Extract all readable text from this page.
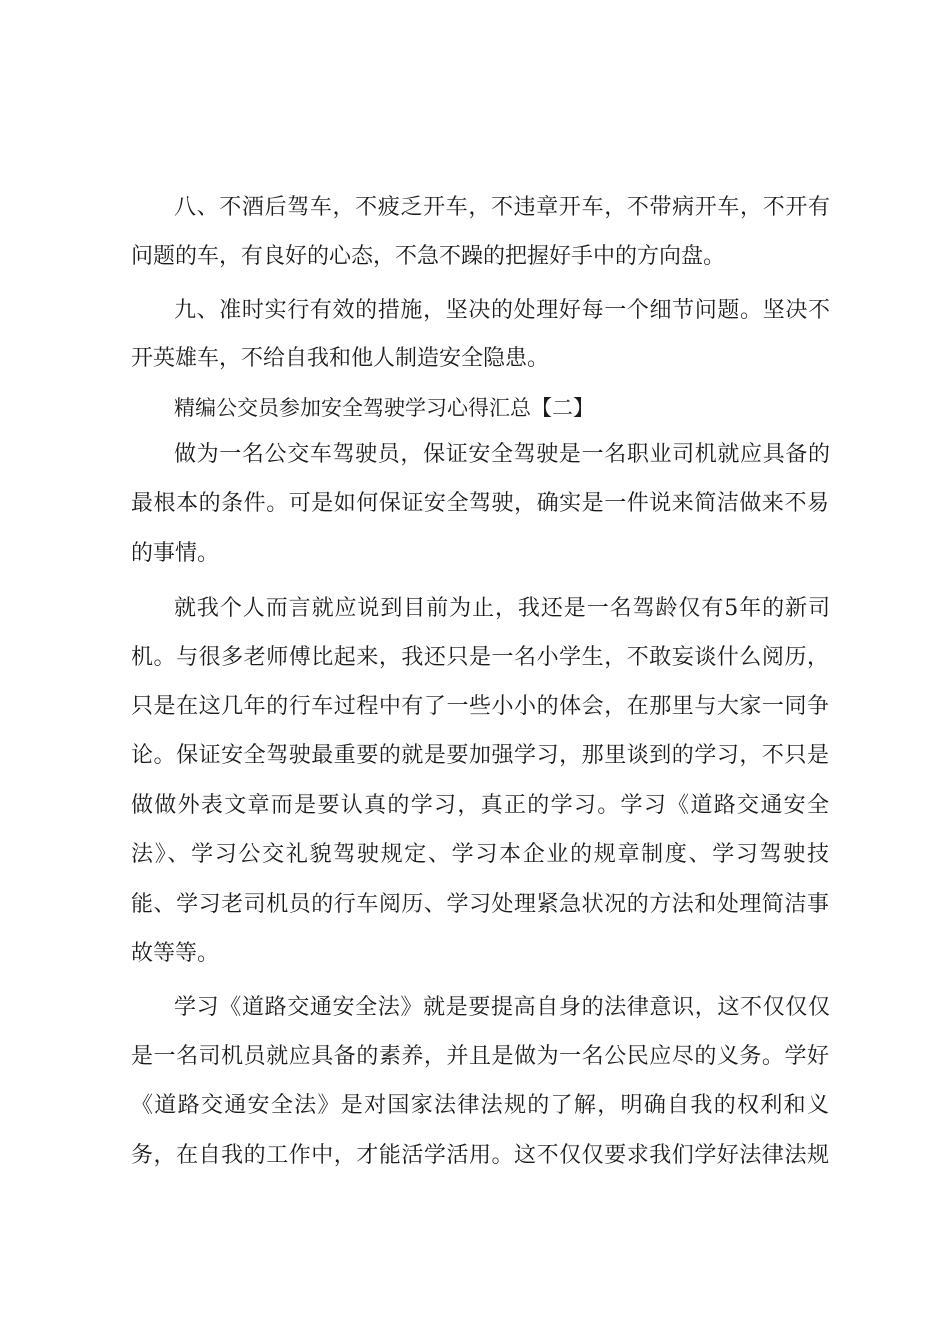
八、不酒后驾车，不疲乏开车，不违章开车，不带病开车，不开有
问题的车，有良好的心态，不急不躁的把握好手中的方向盘。
九、准时实行有效的措施，坚决的处理好每一个细节问题。坚决不
开英雄车，不给自我和他人制造安全隐患。
精编公交员参加安全驾驶学习心得汇总【二】
做为一名公交车驾驶员，保证安全驾驶是一名职业司机就应具备的
最根本的条件。可是如何保证安全驾驶，确实是一件说来简洁做来不易
的事情。
就我个人而言就应说到目前为止，我还是一名驾龄仅有5年的新司
机。与很多老师傅比起来，我还只是一名小学生，不敢妄谈什么阅历，
只是在这几年的行车过程中有了一些小小的体会，在那里与大家一同争
论。保证安全驾驶最重要的就是要加强学习，那里谈到的学习，不只是
做做外表文章而是要认真的学习，真正的学习。学习《道路交通安全
法》、学习公交礼貌驾驶规定、学习本企业的规章制度、学习驾驶技
能、学习老司机员的行车阅历、学习处理紧急状况的方法和处理简洁事
故等等。
学习《道路交通安全法》就是要提高自身的法律意识，这不仅仅仅
是一名司机员就应具备的素养，并且是做为一名公民应尽的义务。学好
《道路交通安全法》是对国家法律法规的了解，明确自我的权利和义
务，在自我的工作中，才能活学活用。这不仅仅要求我们学好法律法规
